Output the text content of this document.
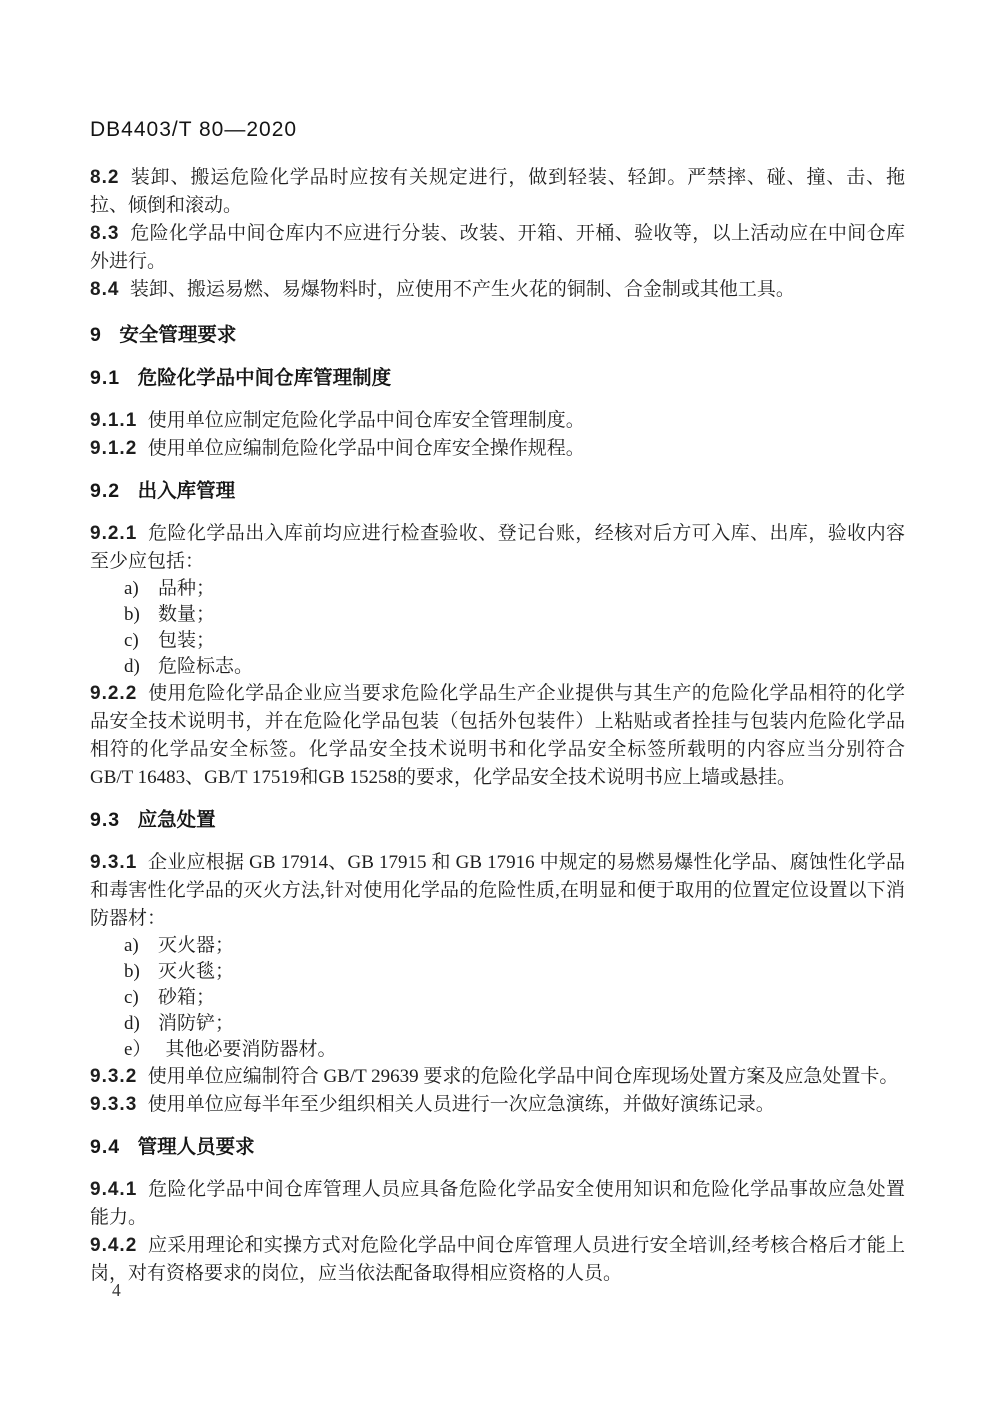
DB4403/T 80—2020

8.2 装卸、搬运危险化学品时应按有关规定进行，做到轻装、轻卸。严禁摔、碰、撞、击、拖拉、倾倒和滚动。

8.3 危险化学品中间仓库内不应进行分装、改装、开箱、开桶、验收等，以上活动应在中间仓库外进行。

8.4 装卸、搬运易燃、易爆物料时，应使用不产生火花的铜制、合金制或其他工具。

9 安全管理要求
9.1 危险化学品中间仓库管理制度

9.1.1 使用单位应制定危险化学品中间仓库安全管理制度。

9.1.2 使用单位应编制危险化学品中间仓库安全操作规程。

9.2 出入库管理

9.2.1 危险化学品出入库前均应进行检查验收、登记台账，经核对后方可入库、出库，验收内容至少应包括：

a) 品种；
b) 数量；
c) 包装；
d) 危险标志。

9.2.2 使用危险化学品企业应当要求危险化学品生产企业提供与其生产的危险化学品相符的化学品安全技术说明书，并在危险化学品包装（包括外包装件）上粘贴或者拴挂与包装内危险化学品相符的化学品安全标签。化学品安全技术说明书和化学品安全标签所载明的内容应当分别符合GB/T 16483、GB/T 17519和GB 15258的要求，化学品安全技术说明书应上墙或悬挂。

9.3 应急处置

9.3.1 企业应根据 GB 17914、GB 17915 和 GB 17916 中规定的易燃易爆性化学品、腐蚀性化学品和毒害性化学品的灭火方法,针对使用化学品的危险性质,在明显和便于取用的位置定位设置以下消防器材：

a) 灭火器；
b) 灭火毯；
c) 砂箱；
d) 消防铲；
e） 其他必要消防器材。

9.3.2 使用单位应编制符合 GB/T 29639 要求的危险化学品中间仓库现场处置方案及应急处置卡。

9.3.3 使用单位应每半年至少组织相关人员进行一次应急演练，并做好演练记录。

9.4 管理人员要求

9.4.1 危险化学品中间仓库管理人员应具备危险化学品安全使用知识和危险化学品事故应急处置能力。

9.4.2 应采用理论和实操方式对危险化学品中间仓库管理人员进行安全培训,经考核合格后才能上岗，对有资格要求的岗位，应当依法配备取得相应资格的人员。

4
